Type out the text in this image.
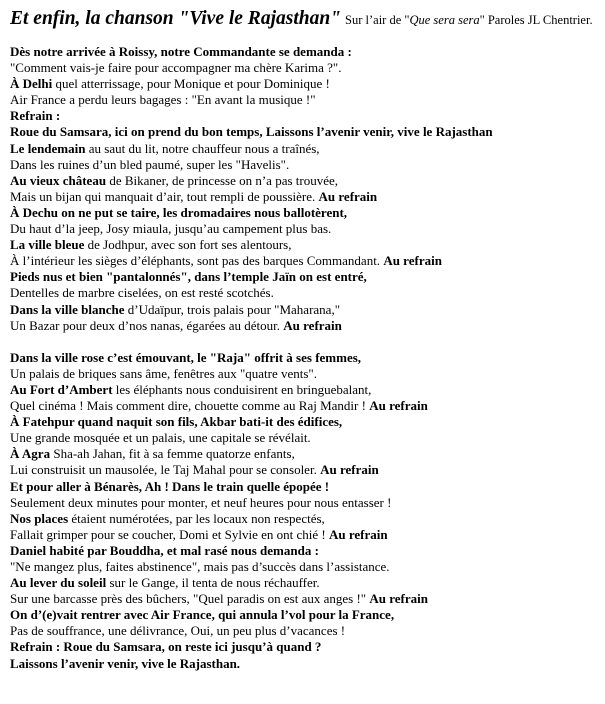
Et enfin, la chanson "Vive le Rajasthan" Sur l’air de "Que sera sera" Paroles JL Chentrier.
Dès notre arrivée à Roissy, notre Commandante se demanda :
"Comment vais-je faire pour accompagner ma chère Karima ?".
À Delhi quel atterrissage, pour Monique et pour Dominique !
Air France a perdu leurs bagages : "En avant la musique !"
Refrain :
Roue du Samsara, ici on prend du bon temps, Laissons l’avenir venir, vive le Rajasthan
Le lendemain au saut du lit, notre chauffeur nous a traînés,
Dans les ruines d’un bled paumé, super les "Havelis".
Au vieux château de Bikaner, de princesse on n’a pas trouvée,
Mais un bijan qui manquait d’air, tout rempli de poussière. Au refrain
À Dechu on ne put se taire, les dromadaires nous ballotèrent,
Du haut d’la jeep, Josy miaula, jusqu’au campement plus bas.
La ville bleue de Jodhpur, avec son fort ses alentours,
À l’intérieur les sièges d’éléphants, sont pas des barques Commandant. Au refrain
Pieds nus et bien "pantalonnés", dans l’temple Jaïn on est entré,
Dentelles de marbre ciselées, on est resté scotchés.
Dans la ville blanche d’Udaïpur, trois palais pour "Maharana,"
Un Bazar pour deux d’nos nanas, égarées au détour. Au refrain
Dans la ville rose c’est émouvant, le "Raja" offrit à ses femmes,
Un palais de briques sans âme, fenêtres aux "quatre vents".
Au Fort d’Ambert les éléphants nous conduisirent en bringuebalant,
Quel cinéma ! Mais comment dire, chouette comme au Raj Mandir ! Au refrain
À Fatehpur quand naquit son fils, Akbar bati-it des édifices,
Une grande mosquée et un palais, une capitale se révélait.
À Agra Sha-ah Jahan, fit à sa femme quatorze enfants,
Lui construisit un mausolée, le Taj Mahal pour se consoler. Au refrain
Et pour aller à Bénarès, Ah ! Dans le train quelle épopée !
Seulement deux minutes pour monter, et neuf heures pour nous entasser !
Nos places étaient numérotées, par les locaux non respectés,
Fallait grimper pour se coucher, Domi et Sylvie en ont chié ! Au refrain
Daniel habité par Bouddha, et mal rasé nous demanda :
"Ne mangez plus, faites abstinence", mais pas d’succès dans l’assistance.
Au lever du soleil sur le Gange, il tenta de nous réchauffer.
Sur une barcasse près des bûchers, "Quel paradis on est aux anges !" Au refrain
On d’(e)vait rentrer avec Air France, qui annula l’vol pour la France,
Pas de souffrance, une délivrance, Oui, un peu plus d’vacances !
Refrain : Roue du Samsara, on reste ici jusqu’à quand ?
Laissons l’avenir venir, vive le Rajasthan.
